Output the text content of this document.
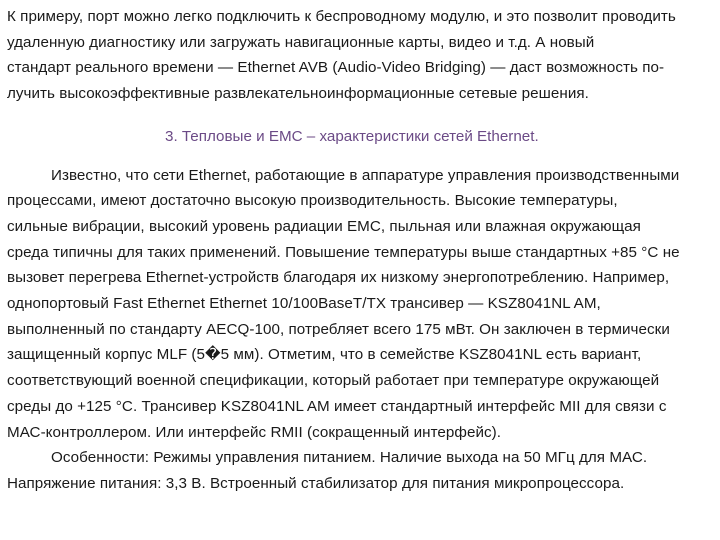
К примеру, порт можно легко подключить к беспроводному модулю, и это позволит проводить
удаленную диагностику или загружать навигационные карты, видео и т.д. А новый
стандарт реального времени — Ethernet AVB (Audio-Video Bridging) — даст возможность по-
лучить высокоэффективные развлекательноинформационные сетевые решения.
3. Тепловые и ЕМС – характеристики сетей Ethernet.
Известно, что сети Ethernet, работающие в аппаратуре управления производственными
процессами, имеют достаточно высокую производительность. Высокие температуры,
сильные вибрации, высокий уровень радиации ЕМС, пыльная или влажная окружающая
среда типичны для таких применений. Повышение температуры выше стандартных +85 °С не
вызовет перегрева Ethernet-устройств благодаря их низкому энергопотреблению. Например,
однопортовый Fast Ethernet Ethernet 10/100BaseT/TX трансивер — KSZ8041NL AM,
выполненный по стандарту AECQ-100, потребляет всего 175 мВт. Он заключен в термически
защищенный корпус MLF (5�5 мм). Отметим, что в семействе KSZ8041NL есть вариант,
соответствующий военной спецификации, который работает при температуре окружающей
среды до +125 °С. Трансивер KSZ8041NL AM имеет стандартный интерфейс MII для связи с
МАС-контроллером. Или интерфейс RMII (сокращенный интерфейс).
Особенности: Режимы управления питанием. Наличие выхода на 50 МГц для МАС.
Напряжение питания: 3,3 В. Встроенный стабилизатор для питания микропроцессора.
